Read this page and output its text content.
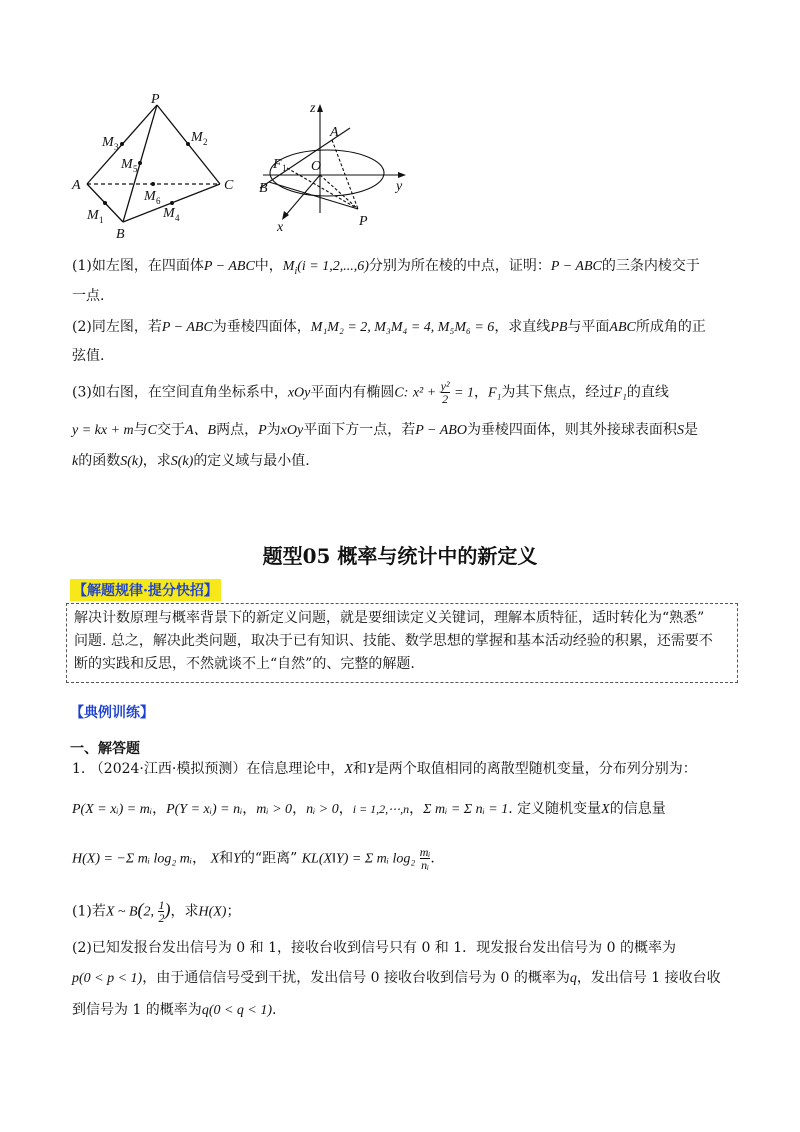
P
A
B
C
M 3
M 2
M 5
M 6
M 1	M 4
z
y
x
A
O
F 1
B
P
(1)如左图，在四面体P − ABC中，$M_i(i = 1,2,...,6)$分别为所在棱的中点，证明：P − ABC的三条内棱交于
一点.
(2)同左图，若P − ABC为垂棱四面体，M₁M₂ = 2, M₃M₄ = 4, M₅M₆ = 6，求直线PB与平面ABC所成角的正
弦值.
(3)如右图，在空间直角坐标系中，xOy平面内有椭圆C: $x^2 + \frac{\text{y²}}{2} = 1$，F₁为其下焦点，经过F₁的直线
y = kx + m与C交于A、B两点，P为xOy平面下方一点，若P − ABO为垂棱四面体，则其外接球表面积S是
k的函数S(k)，求S(k)的定义域与最小值.
题型05 概率与统计中的新定义
【解题规律·提分快招】
解决计数原理与概率背景下的新定义问题，就是要细读定义关键词，理解本质特征，适时转化为“熟悉”
问题. 总之，解决此类问题，取决于已有知识、技能、数学思想的掌握和基本活动经验的积累，还需要不
断的实践和反思，不然就谈不上“自然”的、完整的解题.
【典例训练】
一、解答题
1. （2024·江西·模拟预测）在信息理论中，X和Y是两个取值相同的离散型随机变量，分布列分别为：
P(X = xᵢ) = mᵢ，P(Y = xᵢ) = nᵢ，mᵢ > 0，nᵢ > 0，i = 1,2,⋯,n，Σ mᵢ = Σ nᵢ = 1. 定义随机变量X的信息量
H(X) = −Σ mᵢ log₂ mᵢ， X和Y的“距离” KL(X‖Y) = Σ mᵢ $\log_2 \frac{\text{mᵢ}}{\text{nᵢ}}$ .
(1)若X ~ B(2, $\frac{1}{2}$ )，求H(X)；
(2)已知发报台发出信号为 0 和 1，接收台收到信号只有 0 和 1．现发报台发出信号为 0 的概率为
p(0 < p < 1)，由于通信信号受到干扰，发出信号 0 接收台收到信号为 0 的概率为q，发出信号 1 接收台收
到信号为 1 的概率为q(0 < q < 1).
